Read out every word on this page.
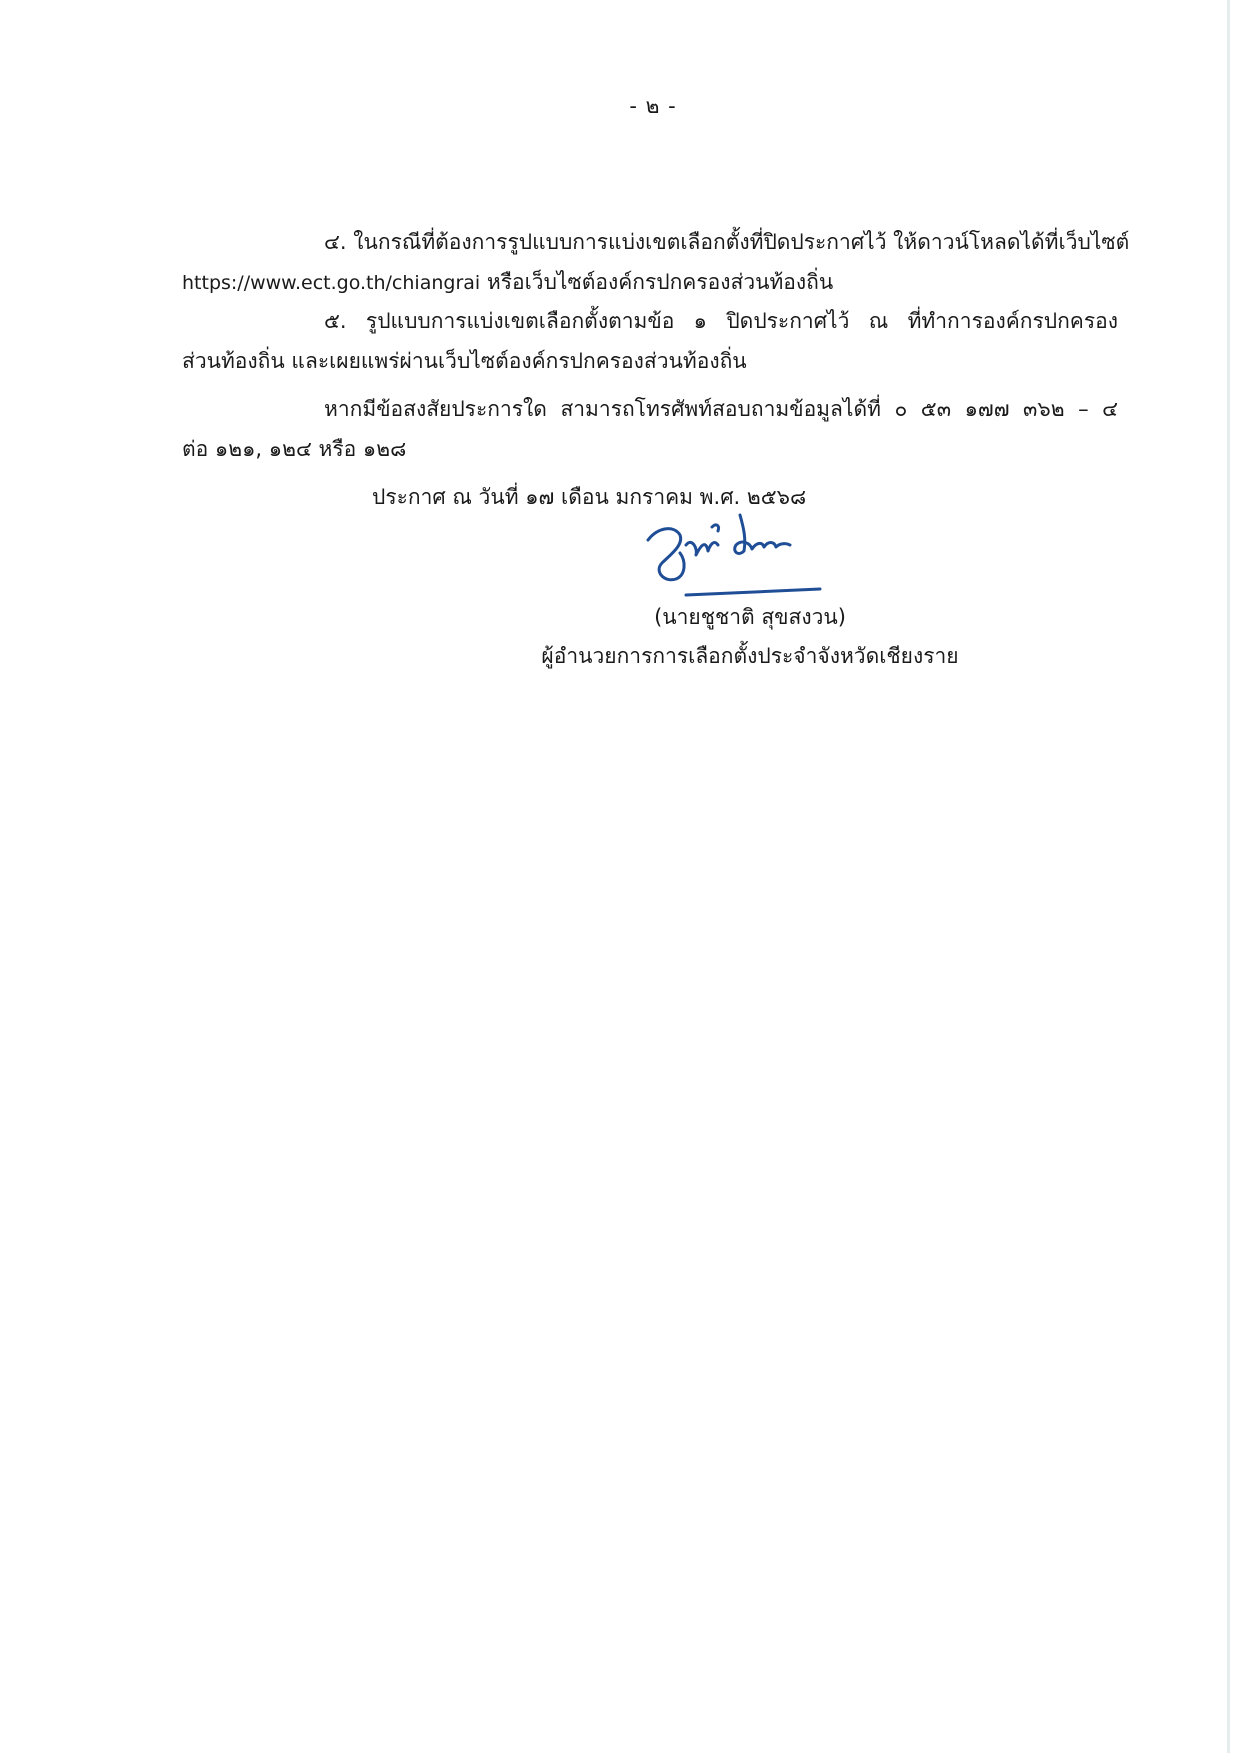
- ๒ -
๔. ในกรณีที่ต้องการรูปแบบการแบ่งเขตเลือกตั้งที่ปิดประกาศไว้ ให้ดาวน์โหลดได้ที่เว็บไซต์
https://www.ect.go.th/chiangrai หรือเว็บไซต์องค์กรปกครองส่วนท้องถิ่น
๕. รูปแบบการแบ่งเขตเลือกตั้งตามข้อ ๑ ปิดประกาศไว้ ณ ที่ทำการองค์กรปกครอง
ส่วนท้องถิ่น และเผยแพร่ผ่านเว็บไซต์องค์กรปกครองส่วนท้องถิ่น
หากมีข้อสงสัยประการใด สามารถโทรศัพท์สอบถามข้อมูลได้ที่ ๐ ๕๓ ๑๗๗ ๓๖๒ – ๔
ต่อ ๑๒๑, ๑๒๔ หรือ ๑๒๘
ประกาศ ณ วันที่ ๑๗ เดือน มกราคม พ.ศ. ๒๕๖๘
(นายชูชาติ สุขสงวน)
ผู้อำนวยการการเลือกตั้งประจำจังหวัดเชียงราย
